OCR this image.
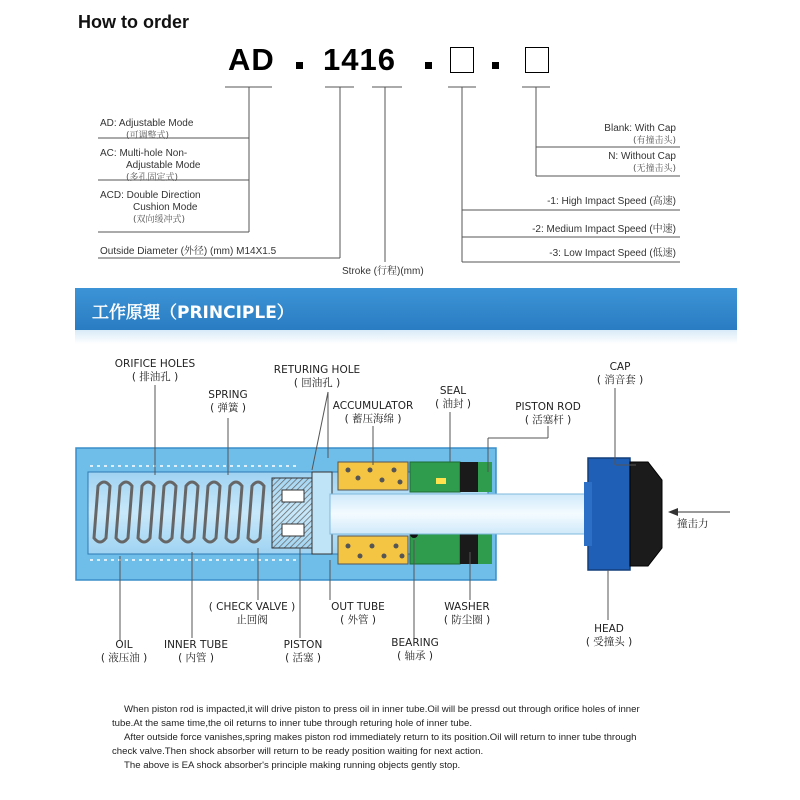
How to order
AD 1416
AD: Adjustable Mode
(可调整式)
AC: Multi-hole Non-
Adjustable Mode
(多孔固定式)
ACD: Double Direction
Cushion Mode
(双向缓冲式)
Outside Diameter (外径) (mm) M14X1.5
Stroke (行程)(mm)
Blank: With Cap
(有撞击头)
N: Without Cap
(无撞击头)
-1: High Impact Speed (高速)
-2: Medium Impact Speed (中速)
-3: Low Impact Speed (低速)
工作原理（PRINCIPLE）
ORIFICE HOLES
( 排油孔 )
SPRING
( 弹簧 )
RETURING HOLE
( 回油孔 )
ACCUMULATOR
( 蓄压海绵 )
SEAL
( 油封 )	PISTON ROD
( 活塞杆 )
CAP
( 消音套 )
撞击力
( CHECK VALVE )
止回阀
OUT TUBE
( 外管 )
WASHER
( 防尘圈 )
OIL
( 液压油 )
INNER TUBE
( 内管 )
PISTON
( 活塞 )
BEARING
( 轴承 )
HEAD
( 受撞头 )
When piston rod is impacted,it will drive piston to press oil in inner tube.Oil will be pressd out through orifice holes of inner
tube.At the same time,the oil returns to inner tube through returing hole of inner tube.
After outside force vanishes,spring makes piston rod immediately return to its position.Oil will return to inner tube through
check valve.Then shock absorber will return to be ready position waiting for next action.
The above is EA shock absorber's principle making running objects gently stop.
